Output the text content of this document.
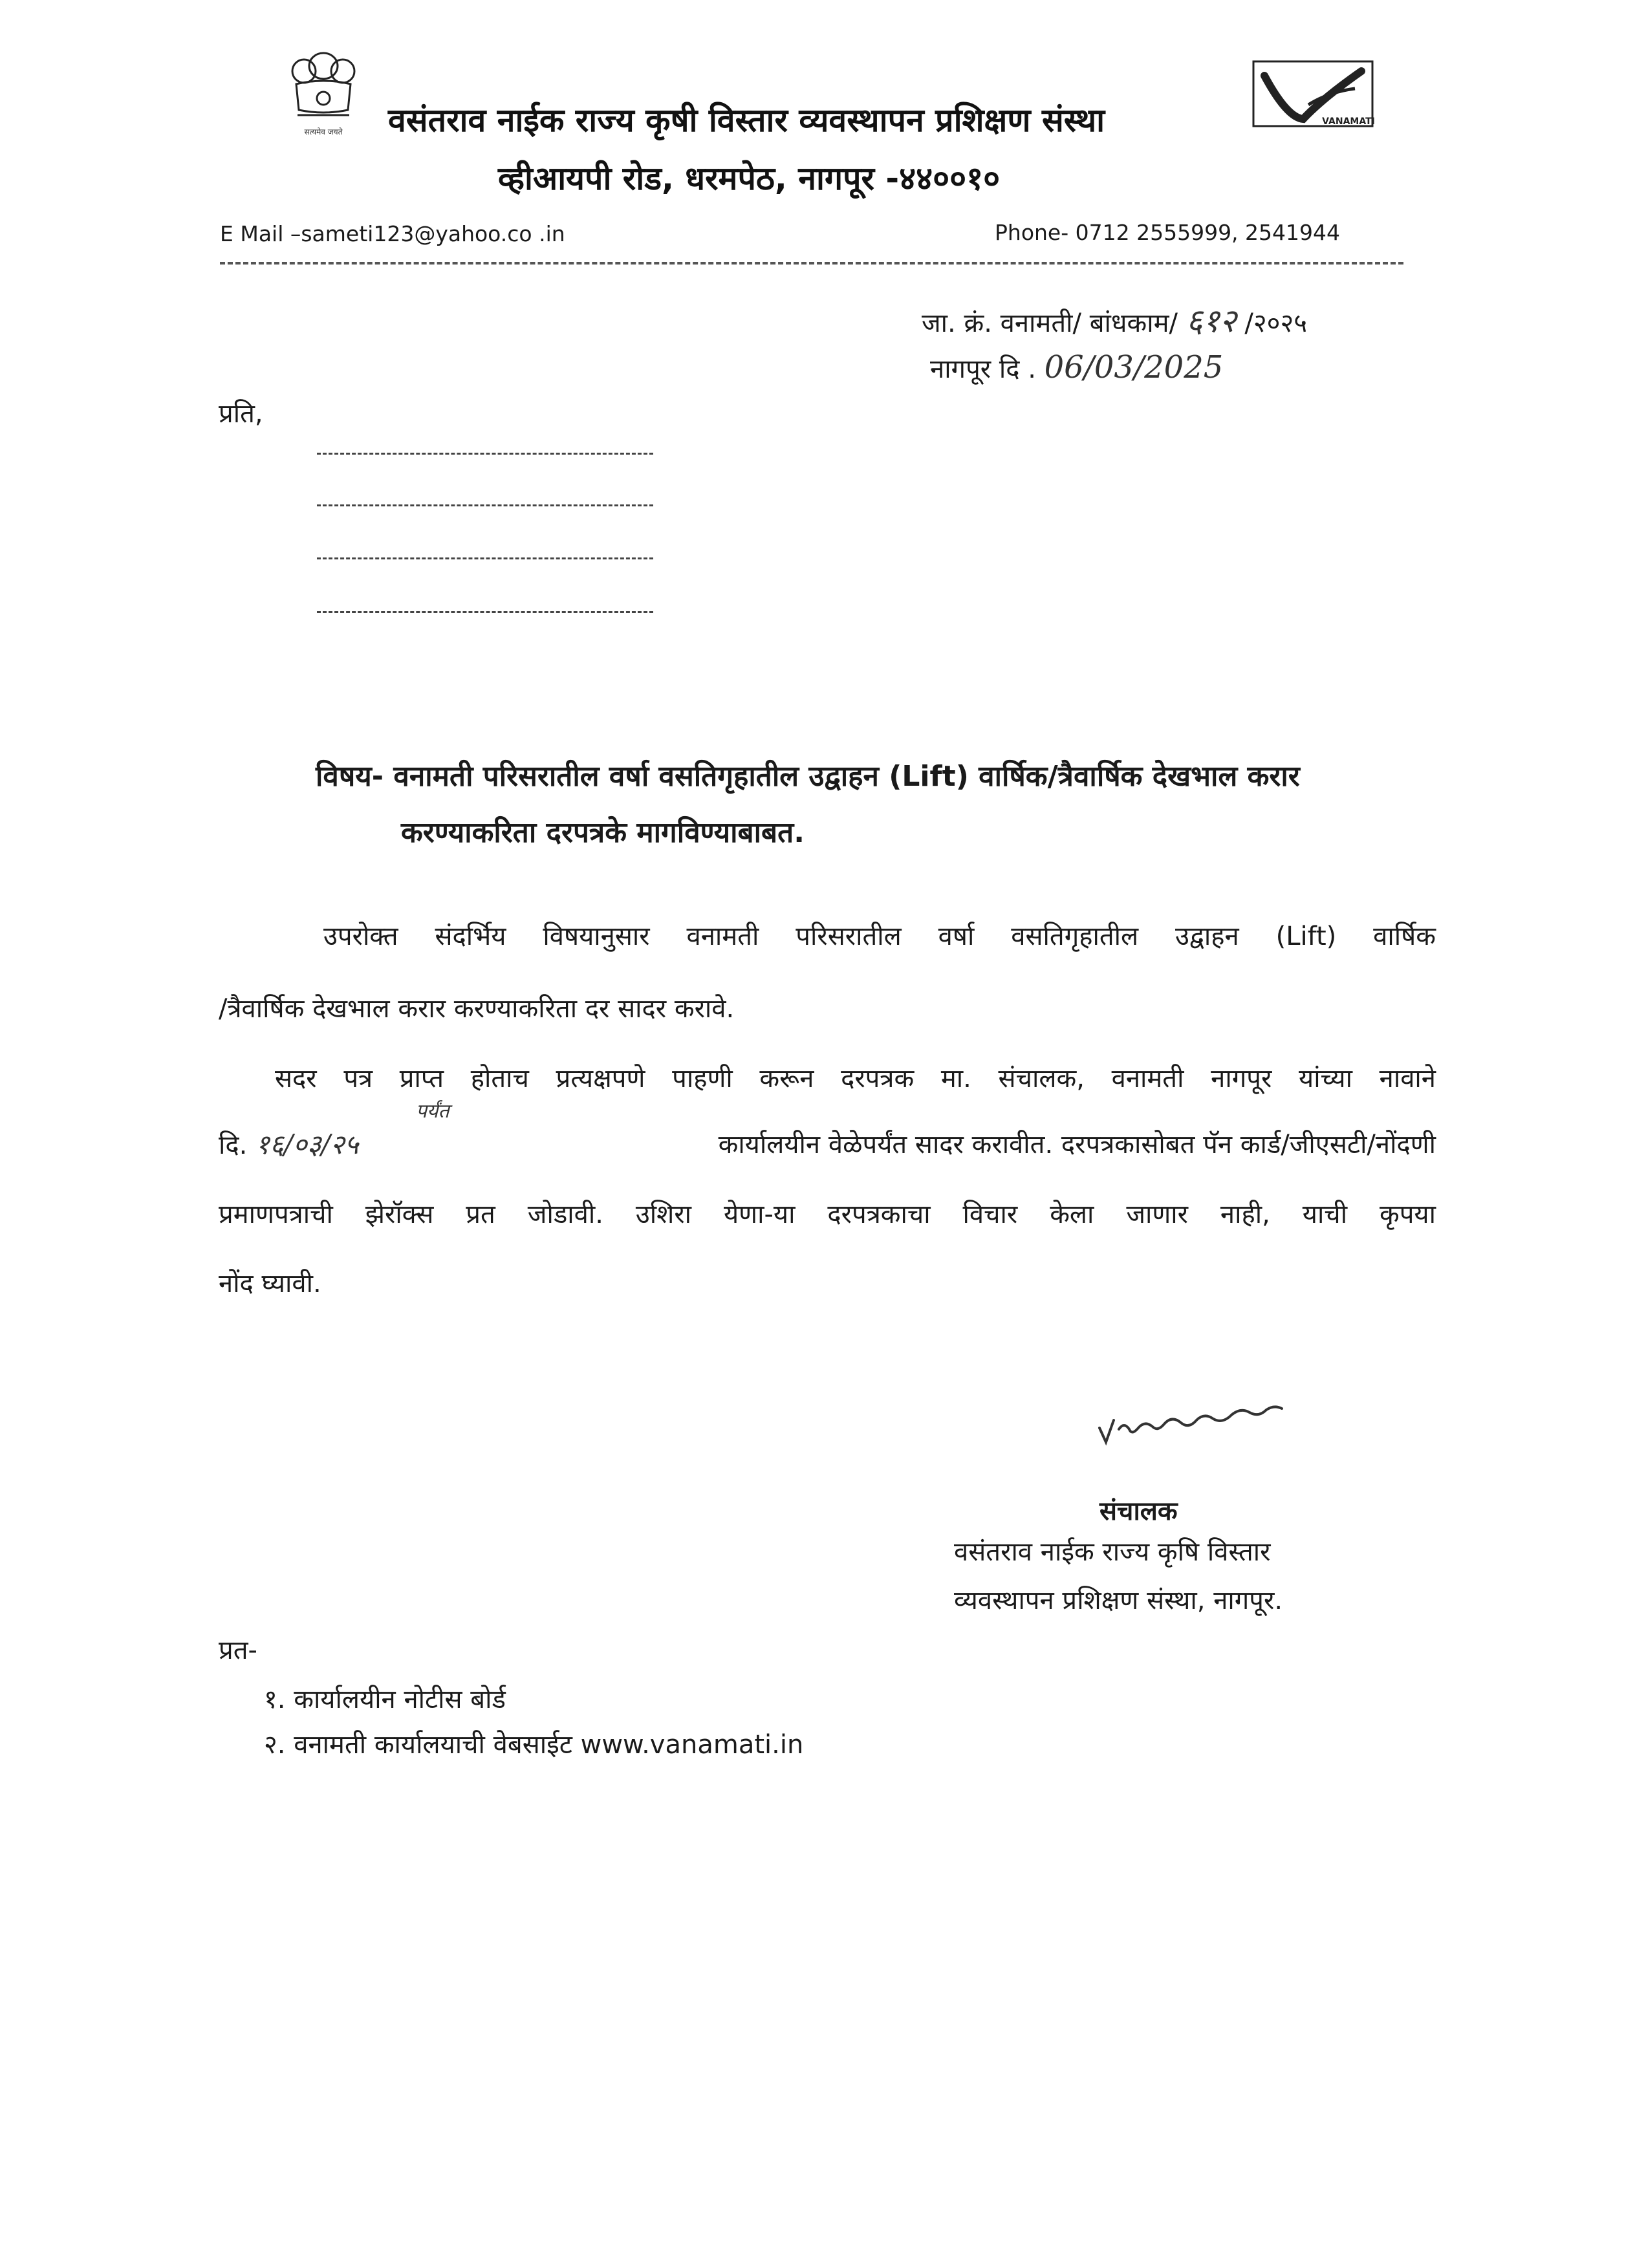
सत्यमेव जयते वसंतराव नाईक राज्य कृषी विस्तार व्यवस्थापन प्रशिक्षण संस्था	VANAMATI
व्हीआयपी रोड, धरमपेठ, नागपूर -४४००१०
E Mail –sameti123@yahoo.co .in	Phone- 0712 2555999, 2541944
जा. क्रं. वनामती/ बांधकाम/ ६१२ /२०२५
नागपूर दि . 06/03/2025
प्रति,
विषय- वनामती परिसरातील वर्षा वसतिगृहातील उद्वाहन (Lift) वार्षिक/त्रैवार्षिक देखभाल करार
करण्याकरिता दरपत्रके मागविण्याबाबत.
उपरोक्त संदर्भिय विषयानुसार वनामती परिसरातील वर्षा वसतिगृहातील उद्वाहन (Lift) वार्षिक
/त्रैवार्षिक देखभाल करार करण्याकरिता दर सादर करावे.
सदर पत्र प्राप्त होताच प्रत्यक्षपणे पाहणी करून दरपत्रक मा. संचालक, वनामती नागपूर यांच्या नावाने
पर्यंत
दि. १६/०३/२५	कार्यालयीन वेळेपर्यंत सादर करावीत. दरपत्रकासोबत पॅन कार्ड/जीएसटी/नोंदणी
प्रमाणपत्राची झेरॉक्स प्रत जोडावी. उशिरा येणा-या दरपत्रकाचा विचार केला जाणार नाही, याची कृपया
नोंद घ्यावी.
संचालक
वसंतराव नाईक राज्य कृषि विस्तार
व्यवस्थापन प्रशिक्षण संस्था, नागपूर.
प्रत-
१. कार्यालयीन नोटीस बोर्ड
२. वनामती कार्यालयाची वेबसाईट www.vanamati.in
